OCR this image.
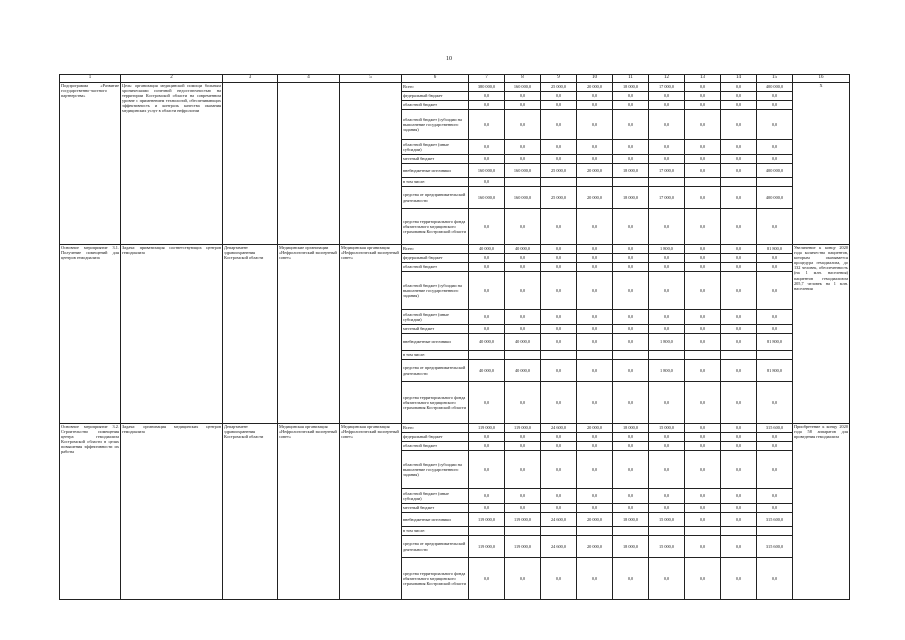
10
1	2	3	4	5	6	7	8	9	10	11	12	13	14	15	16
Подпрограмма «Развитие государственно-частного партнерства»	Цель: организация медицинской помощи больным хроническими почечной недостаточностью на территории Костромской области на современном уровне с применением технологий, обеспечивающих эффективность и контроль качества оказания медицинских услуг в области нефрологии				Всего	380 000,0	160 000,0	25 000,0	20 000,0	18 000,0	17 000,0	0,0	0,0	400 000,0	Х
					федеральный бюджет	0,0	0,0	0,0	0,0	0,0	0,0	0,0	0,0	0,0	
					областной бюджет	0,0	0,0	0,0	0,0	0,0	0,0	0,0	0,0	0,0	
					областной бюджет (субсидии на выполнение государственного задания)	0,0	0,0	0,0	0,0	0,0	0,0	0,0	0,0	0,0	
					областной бюджет (иные субсидии)	0,0	0,0	0,0	0,0	0,0	0,0	0,0	0,0	0,0	
					местный бюджет	0,0	0,0	0,0	0,0	0,0	0,0	0,0	0,0	0,0	
					внебюджетные источники	160 000,0	160 000,0	25 000,0	20 000,0	18 000,0	17 000,0	0,0	0,0	400 000,0	
					в том числе:	0,0									
					средства от предпринимательской деятельности	160 000,0	160 000,0	25 000,0	20 000,0	18 000,0	17 000,0	0,0	0,0	400 000,0	
					средства территориального фонда обязательного медицинского страхования Костромской области	0,0	0,0	0,0	0,0	0,0	0,0	0,0	0,0	0,0	
Основное мероприятие 3.1. Получение помещений для центров гемодиализа	Задача: приватизация соответствующих центров гемодиализа	Департамент здравоохранения Костромской области	Медицинские организации «Нефрологический экспертный совет»	Медицинская организация «Нефрологический экспертный совет»	Всего	40 000,0	40 000,0	0,0	0,0	0,0	1 800,0	0,0	0,0	81 800,0	Увеличение к концу 2020 года количества пациентов, которым оказывается процедура гемодиализа, до 132 человек, обеспеченность (на 1 млн. населения) пациентов гемодиализом 205,7 человек на 1 млн. населения
					федеральный бюджет	0,0	0,0	0,0	0,0	0,0	0,0	0,0	0,0	0,0	
					областной бюджет	0,0	0,0	0,0	0,0	0,0	0,0	0,0	0,0	0,0	
					областной бюджет (субсидии на выполнение государственного задания)	0,0	0,0	0,0	0,0	0,0	0,0	0,0	0,0	0,0	
					областной бюджет (иные субсидии)	0,0	0,0	0,0	0,0	0,0	0,0	0,0	0,0	0,0	
					местный бюджет	0,0	0,0	0,0	0,0	0,0	0,0	0,0	0,0	0,0	
					внебюджетные источники	40 000,0	40 000,0	0,0	0,0	0,0	1 800,0	0,0	0,0	81 800,0	
					в том числе:										
					средства от предпринимательской деятельности	40 000,0	40 000,0	0,0	0,0	0,0	1 800,0	0,0	0,0	81 800,0	
					средства территориального фонда обязательного медицинского страхования Костромской области	0,0	0,0	0,0	0,0	0,0	0,0	0,0	0,0	0,0	
Основное мероприятие 3.2. Строительство помещения центра гемодиализа Костромской области в целях повышения эффективности их работы	Задача: организация медицинских центров гемодиализа	Департамент здравоохранения Костромской области	Медицинская организация «Нефрологический экспертный совет»	Медицинская организация «Нефрологический экспертный совет»	Всего	119 000,0	119 000,0	24 600,0	20 000,0	18 000,0	15 000,0	0,0	0,0	315 600,0	Приобретение к концу 2020 года 58 аппаратов для проведения гемодиализа
					федеральный бюджет	0,0	0,0	0,0	0,0	0,0	0,0	0,0	0,0	0,0	
					областной бюджет	0,0	0,0	0,0	0,0	0,0	0,0	0,0	0,0	0,0	
					областной бюджет (субсидии на выполнение государственного задания)	0,0	0,0	0,0	0,0	0,0	0,0	0,0	0,0	0,0	
					областной бюджет (иные субсидии)	0,0	0,0	0,0	0,0	0,0	0,0	0,0	0,0	0,0	
					местный бюджет	0,0	0,0	0,0	0,0	0,0	0,0	0,0	0,0	0,0	
					внебюджетные источники	119 000,0	119 000,0	24 600,0	20 000,0	18 000,0	15 000,0	0,0	0,0	315 600,0	
					в том числе:										
					средства от предпринимательской деятельности	119 000,0	119 000,0	24 600,0	20 000,0	18 000,0	15 000,0	0,0	0,0	315 600,0	
					средства территориального фонда обязательного медицинского страхования Костромской области	0,0	0,0	0,0	0,0	0,0	0,0	0,0	0,0	0,0	
